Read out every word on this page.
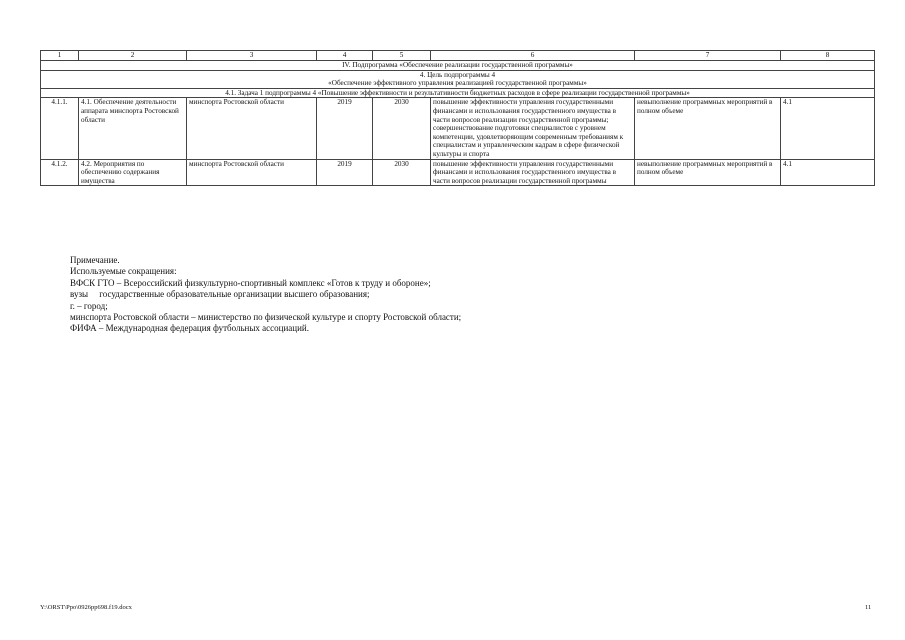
1	2	3	4	5	6	7	8
IV. Подпрограмма «Обеспечение реализации государственной программы»							

4. Цель подпрограммы 4
«Обеспечение эффективного управления реализацией государственной программы»							

4.1. Задача 1 подпрограммы 4 «Повышение эффективности и результативности бюджетных расходов в сфере реализации государственной программы»							
4.1.1.	4.1. Обеспечение деятельности аппарата минспорта Ростовской области	минспорта Ростовской области	2019	2030	повышение эффективности управления государственными финансами и использования государственного имущества в части вопросов реализации государственной программы; совершенствование подготовки специалистов с уровнем компетенции, удовлетворяющим современным требованиям к специалистам и управленческим кадрам в сфере физической культуры и спорта	невыполнение программных мероприятий в полном объеме	4.1
4.1.2.	4.2. Мероприятия по обеспечению содержания имущества	минспорта Ростовской области	2019	2030	повышение эффективности управления государственными финансами и использования государственного имущества в части вопросов реализации государственной программы	невыполнение программных мероприятий в полном объеме	4.1
Примечание.
Используемые сокращения:
ВФСК ГТО – Всероссийский физкультурно-спортивный комплекс «Готов к труду и обороне»;
вузы     государственные образовательные организации высшего образования;
г. – город;
минспорта Ростовской области – министерство по физической культуре и спорту Ростовской области;
ФИФА – Международная федерация футбольных ассоциаций.
Y:\ORST\Ppo\0926pp698.f19.docx	11
